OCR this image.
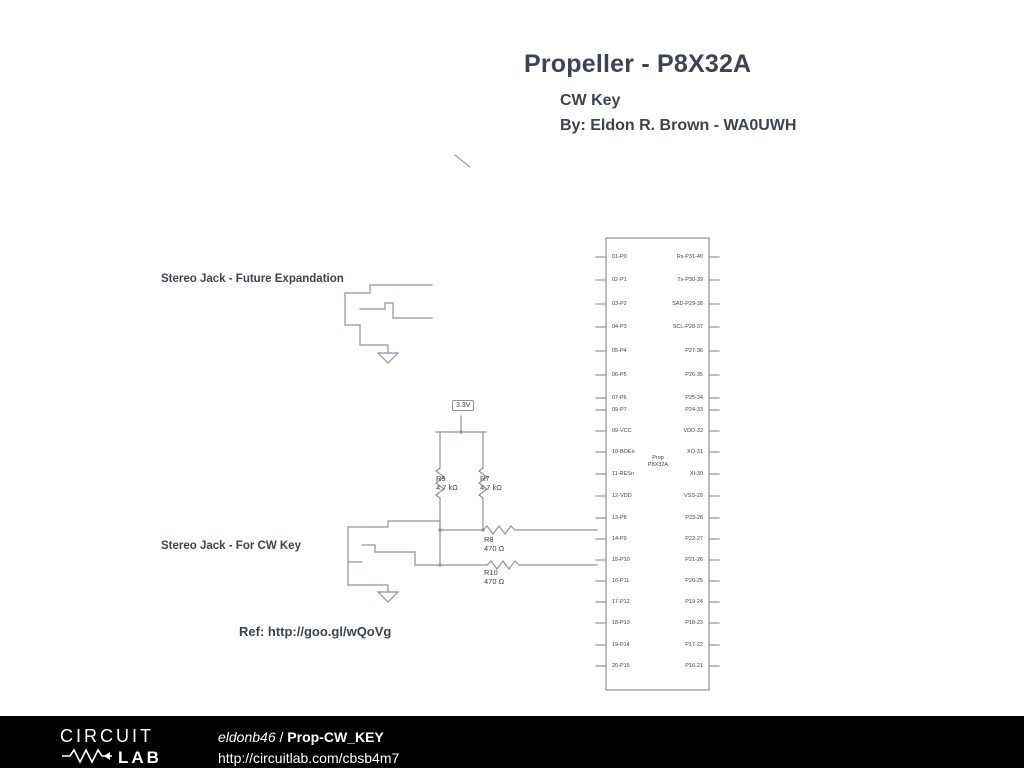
Propeller - P8X32A
CW Key
By: Eldon R. Brown - WA0UWH
Stereo Jack - Future Expandation
Stereo Jack - For CW Key
Ref: http://goo.gl/wQoVg
3.3V
R9
4.7 kΩ
R7
4.7 kΩ
R8
470 Ω
R10
470 Ω
Prop
P8X32A
01-P0
02-P1
03-P2
04-P3
05-P4
06-P5
07-P6
09-P7
09-VCC
10-BOEn
11-RESn
12-VDD
13-P8
14-P9
15-P10
16-P11
17-P12
18-P13
19-P14
20-P15
Rx-P31-40
Tx-P30-39
SAD-P29-38
SCL-P28-37
P27-36
P26-35
P25-34
P24-33
VDD-32
XO-31
XI-30
VSS-29
P23-28
P22-27
P21-26
P20-25
P19-24
P18-23
P17-22
P16-21
CIRCUIT
LAB
eldonb46 / Prop-CW_KEY
http://circuitlab.com/cbsb4m7
